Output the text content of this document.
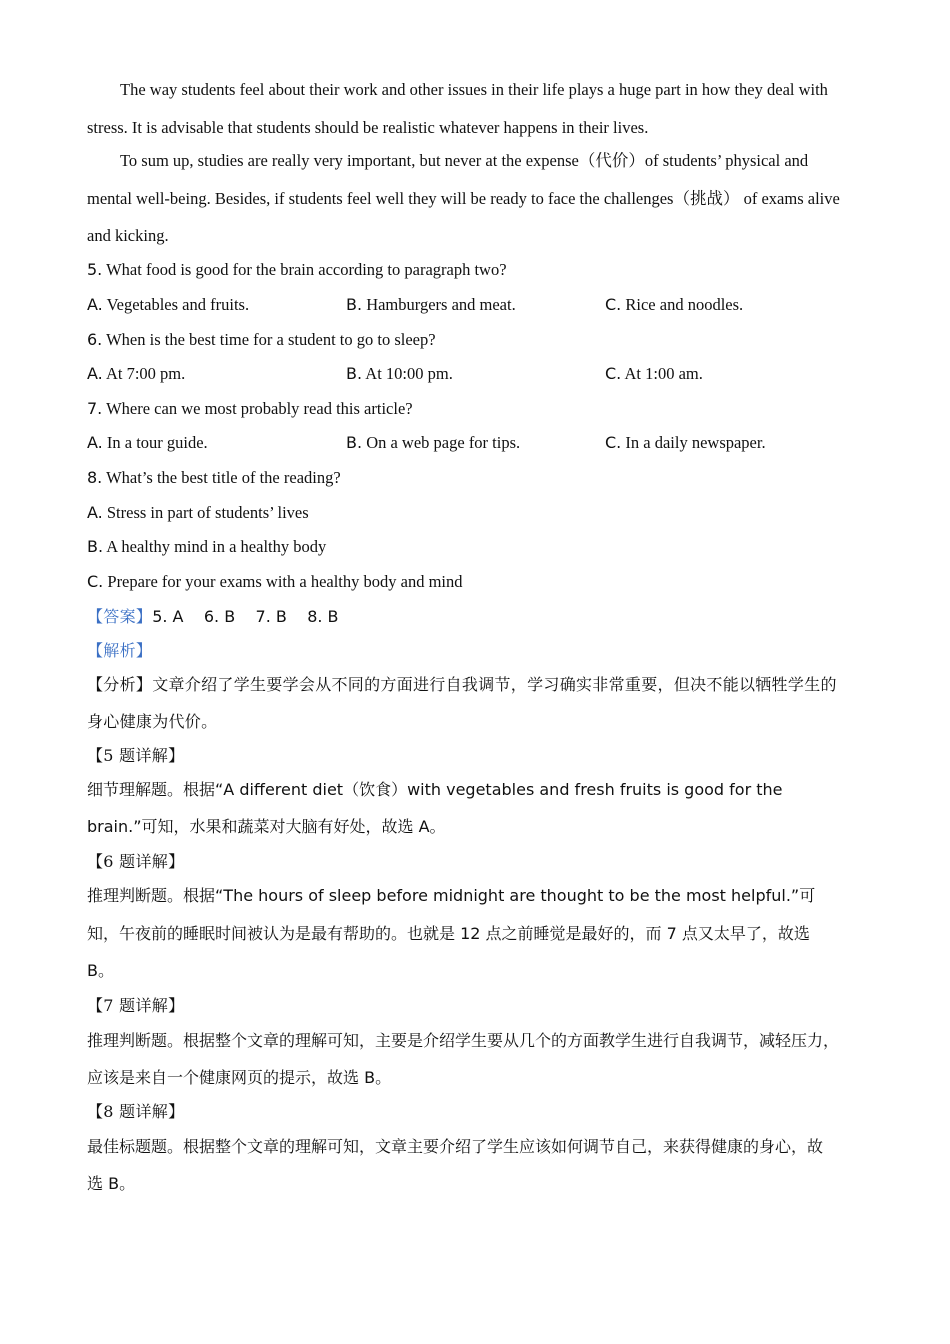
The way students feel about their work and other issues in their life plays a huge part in how they deal with
stress. It is advisable that students should be realistic whatever happens in their lives.
To sum up, studies are really very important, but never at the expense（代价）of students’ physical and
mental well-being. Besides, if students feel well they will be ready to face the challenges（挑战） of exams alive
and kicking.
5. What food is good for the brain according to paragraph two?
A. Vegetables and fruits.	B. Hamburgers and meat.	C. Rice and noodles.
6. When is the best time for a student to go to sleep?
A. At 7:00 pm.	B. At 10:00 pm.	C. At 1:00 am.
7. Where can we most probably read this article?
A. In a tour guide.	B. On a web page for tips.	C. In a daily newspaper.
8. What’s the best title of the reading?
A. Stress in part of students’ lives
B. A healthy mind in a healthy body
C. Prepare for your exams with a healthy body and mind
【答案】5. A    6. B    7. B    8. B
【解析】
【分析】文章介绍了学生要学会从不同的方面进行自我调节，学习确实非常重要，但决不能以牺牲学生的
身心健康为代价。
【5 题详解】
细节理解题。根据“A different diet（饮食）with vegetables and fresh fruits is good for the
brain.”可知，水果和蔬菜对大脑有好处，故选 A。
【6 题详解】
推理判断题。根据“The hours of sleep before midnight are thought to be the most helpful.”可
知，午夜前的睡眠时间被认为是最有帮助的。也就是 12 点之前睡觉是最好的，而 7 点又太早了，故选
B。
【7 题详解】
推理判断题。根据整个文章的理解可知，主要是介绍学生要从几个的方面教学生进行自我调节，减轻压力，
应该是来自一个健康网页的提示，故选 B。
【8 题详解】
最佳标题题。根据整个文章的理解可知，文章主要介绍了学生应该如何调节自己，来获得健康的身心，故
选 B。
